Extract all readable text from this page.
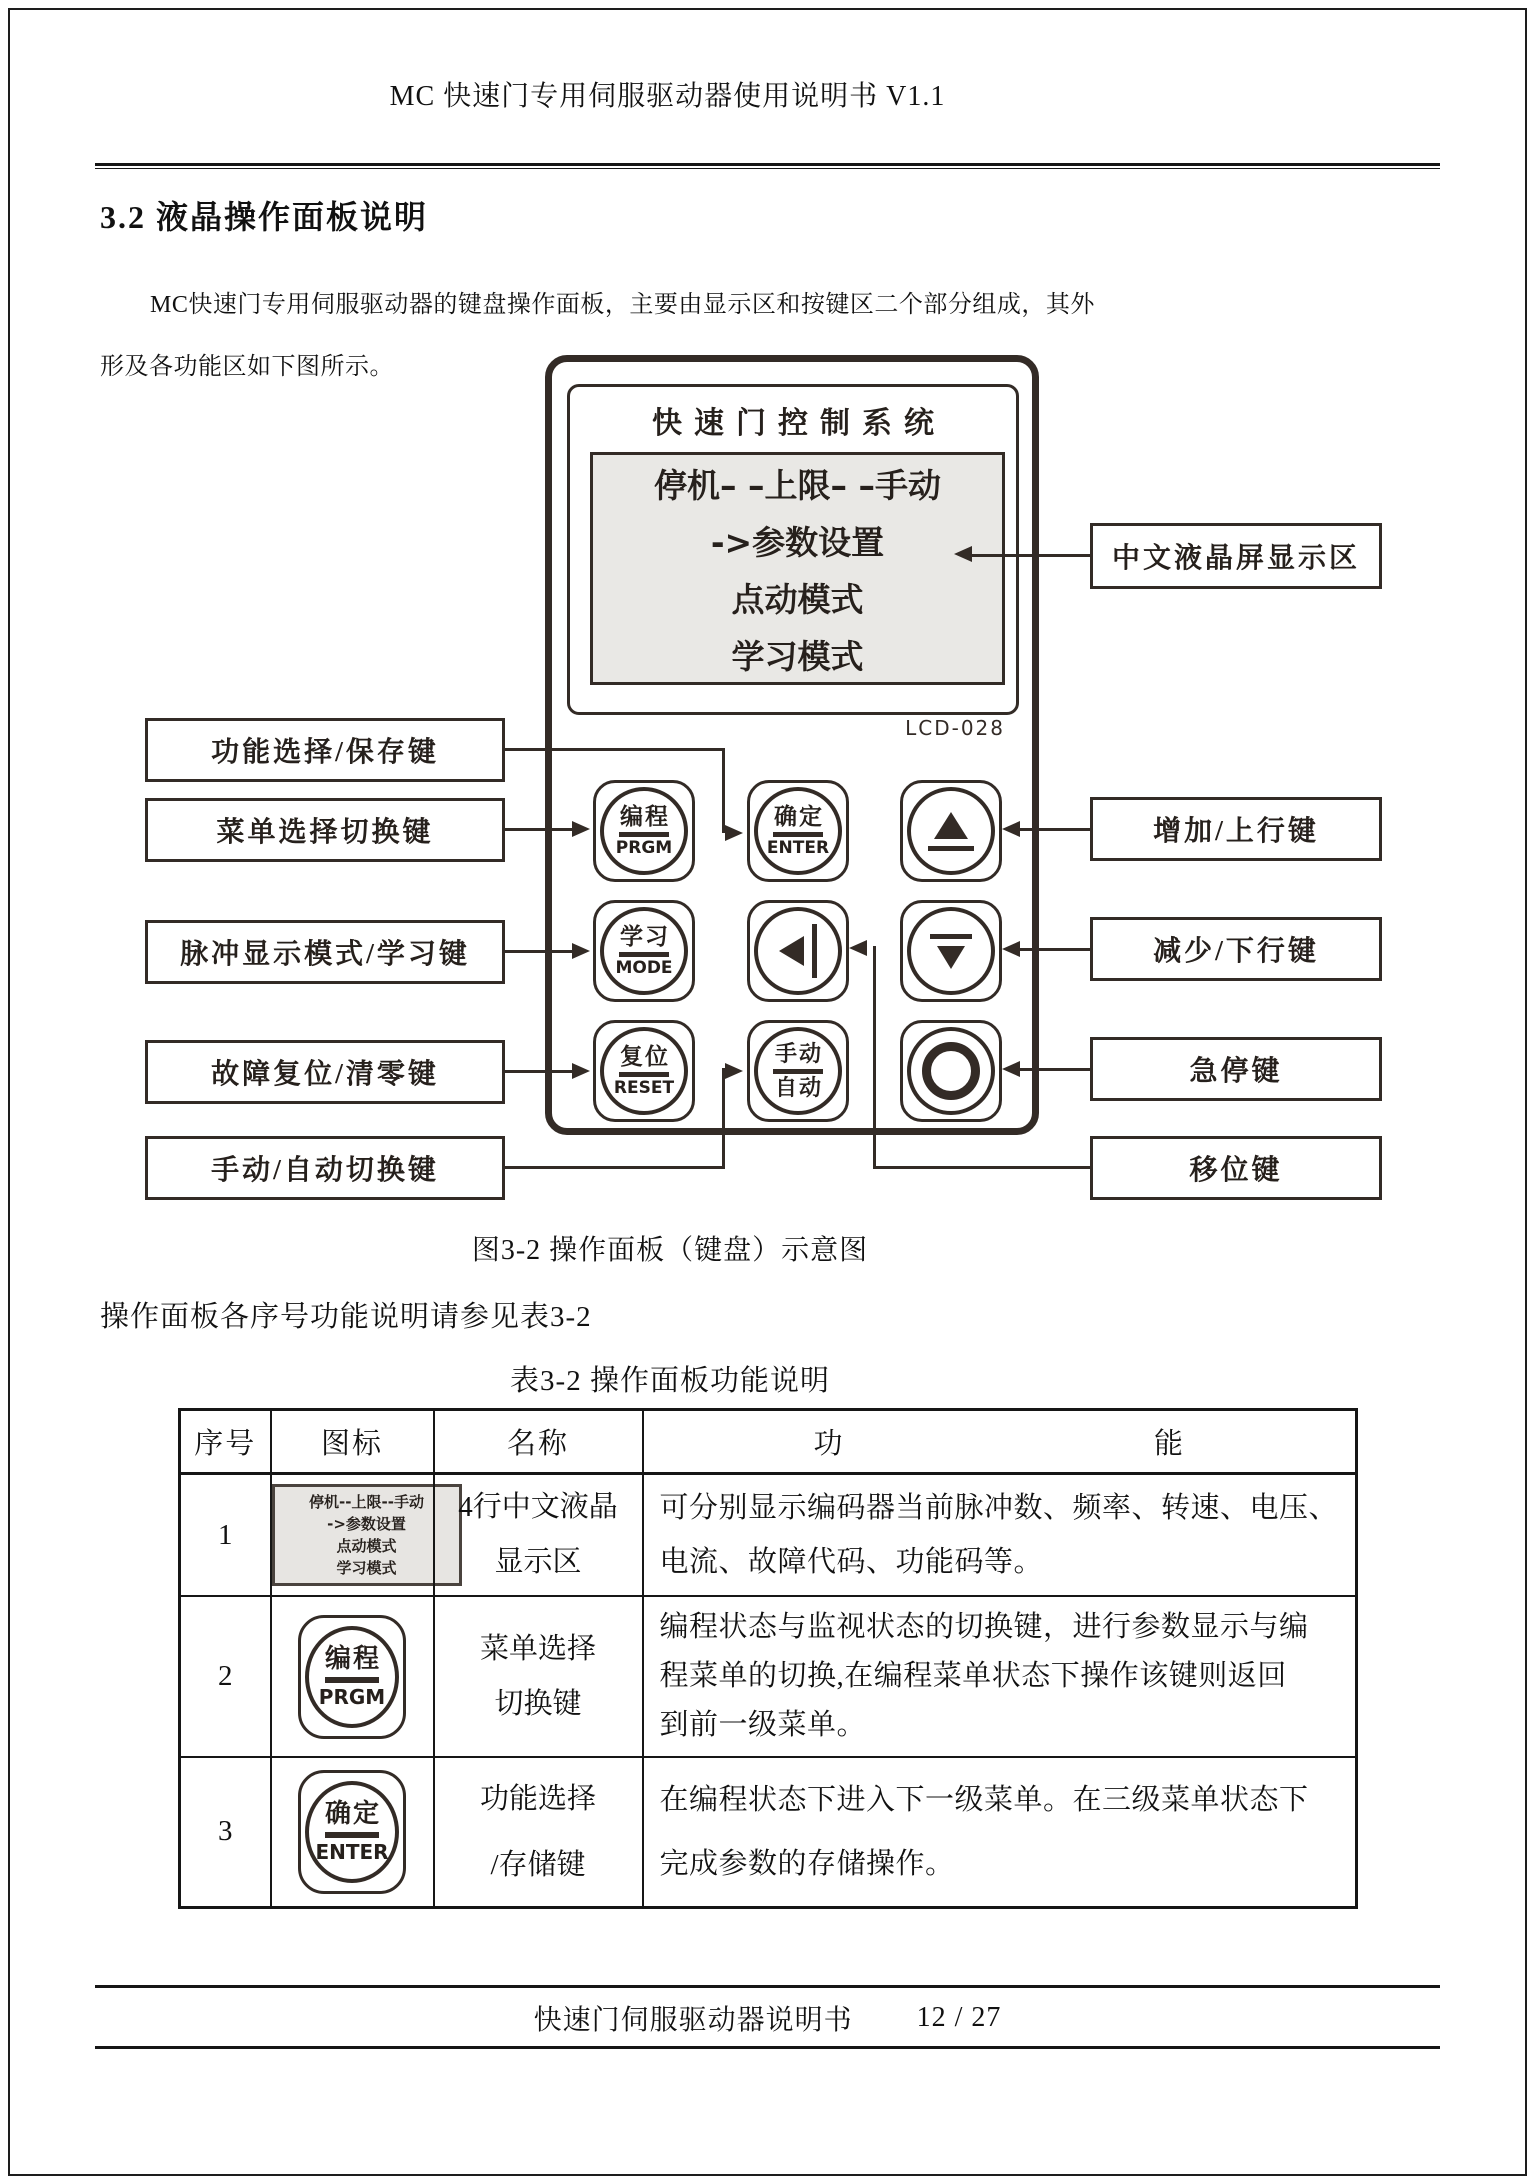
MC 快速门专用伺服驱动器使用说明书 V1.1
3.2 液晶操作面板说明
MC快速门专用伺服驱动器的键盘操作面板，主要由显示区和按键区二个部分组成，其外
形及各功能区如下图所示。
快速门控制系统
停机– –上限– –手动
->参数设置
点动模式
学习模式
LCD-028
编程
PRGM
确定
ENTER
学习
MODE
复位
RESET
手动
自动
功能选择/保存键
菜单选择切换键
脉冲显示模式/学习键
故障复位/清零键
手动/自动切换键
中文液晶屏显示区
增加/上行键
减少/下行键
急停键
移位键
图3-2 操作面板（键盘）示意图
操作面板各序号功能说明请参见表3-2
表3-2 操作面板功能说明
序号	图标	名称	功 能

1	停机--上限--手动
->参数设置
点动模式
学习模式	4行中文液晶
显示区	可分别显示编码器当前脉冲数、频率、转速、电压、
电流、故障代码、功能码等。
2	编程
PRGM	菜单选择
切换键	编程状态与监视状态的切换键，进行参数显示与编
程菜单的切换,在编程菜单状态下操作该键则返回
到前一级菜单。
3	确定
ENTER	功能选择
/存储键	在编程状态下进入下一级菜单。在三级菜单状态下
完成参数的存储操作。
快速门伺服驱动器说明书 12 / 27
